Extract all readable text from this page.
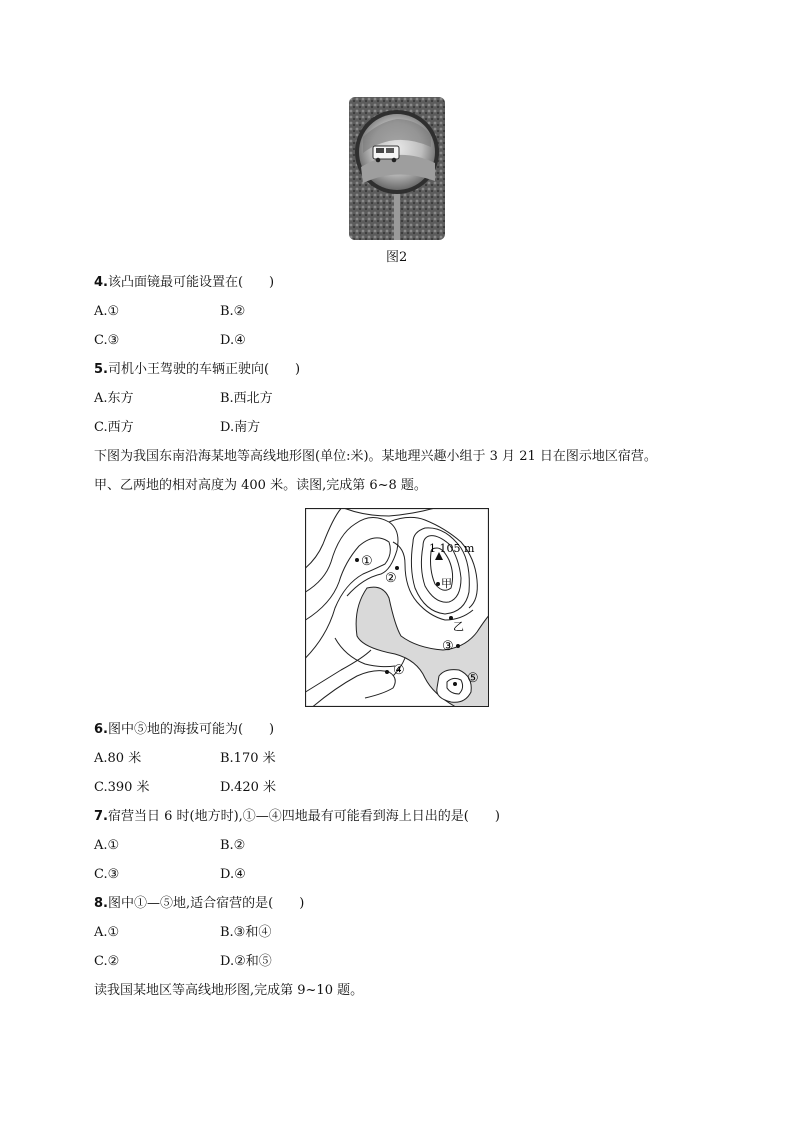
图2
4.该凸面镜最可能设置在(　　)
A.①	B.②
C.③	D.④
5.司机小王驾驶的车辆正驶向(　　)
A.东方	B.西北方
C.西方	D.南方
下图为我国东南沿海某地等高线地形图(单位:米)。某地理兴趣小组于 3 月 21 日在图示地区宿营。
甲、乙两地的相对高度为 400 米。读图,完成第 6~8 题。
1 105 m
①
②	甲
乙
③
④
⑤
6.图中⑤地的海拔可能为(　　)
A.80 米	B.170 米
C.390 米	D.420 米
7.宿营当日 6 时(地方时),①—④四地最有可能看到海上日出的是(　　)
A.①	B.②
C.③	D.④
8.图中①—⑤地,适合宿营的是(　　)
A.①	B.③和④
C.②	D.②和⑤
读我国某地区等高线地形图,完成第 9~10 题。
